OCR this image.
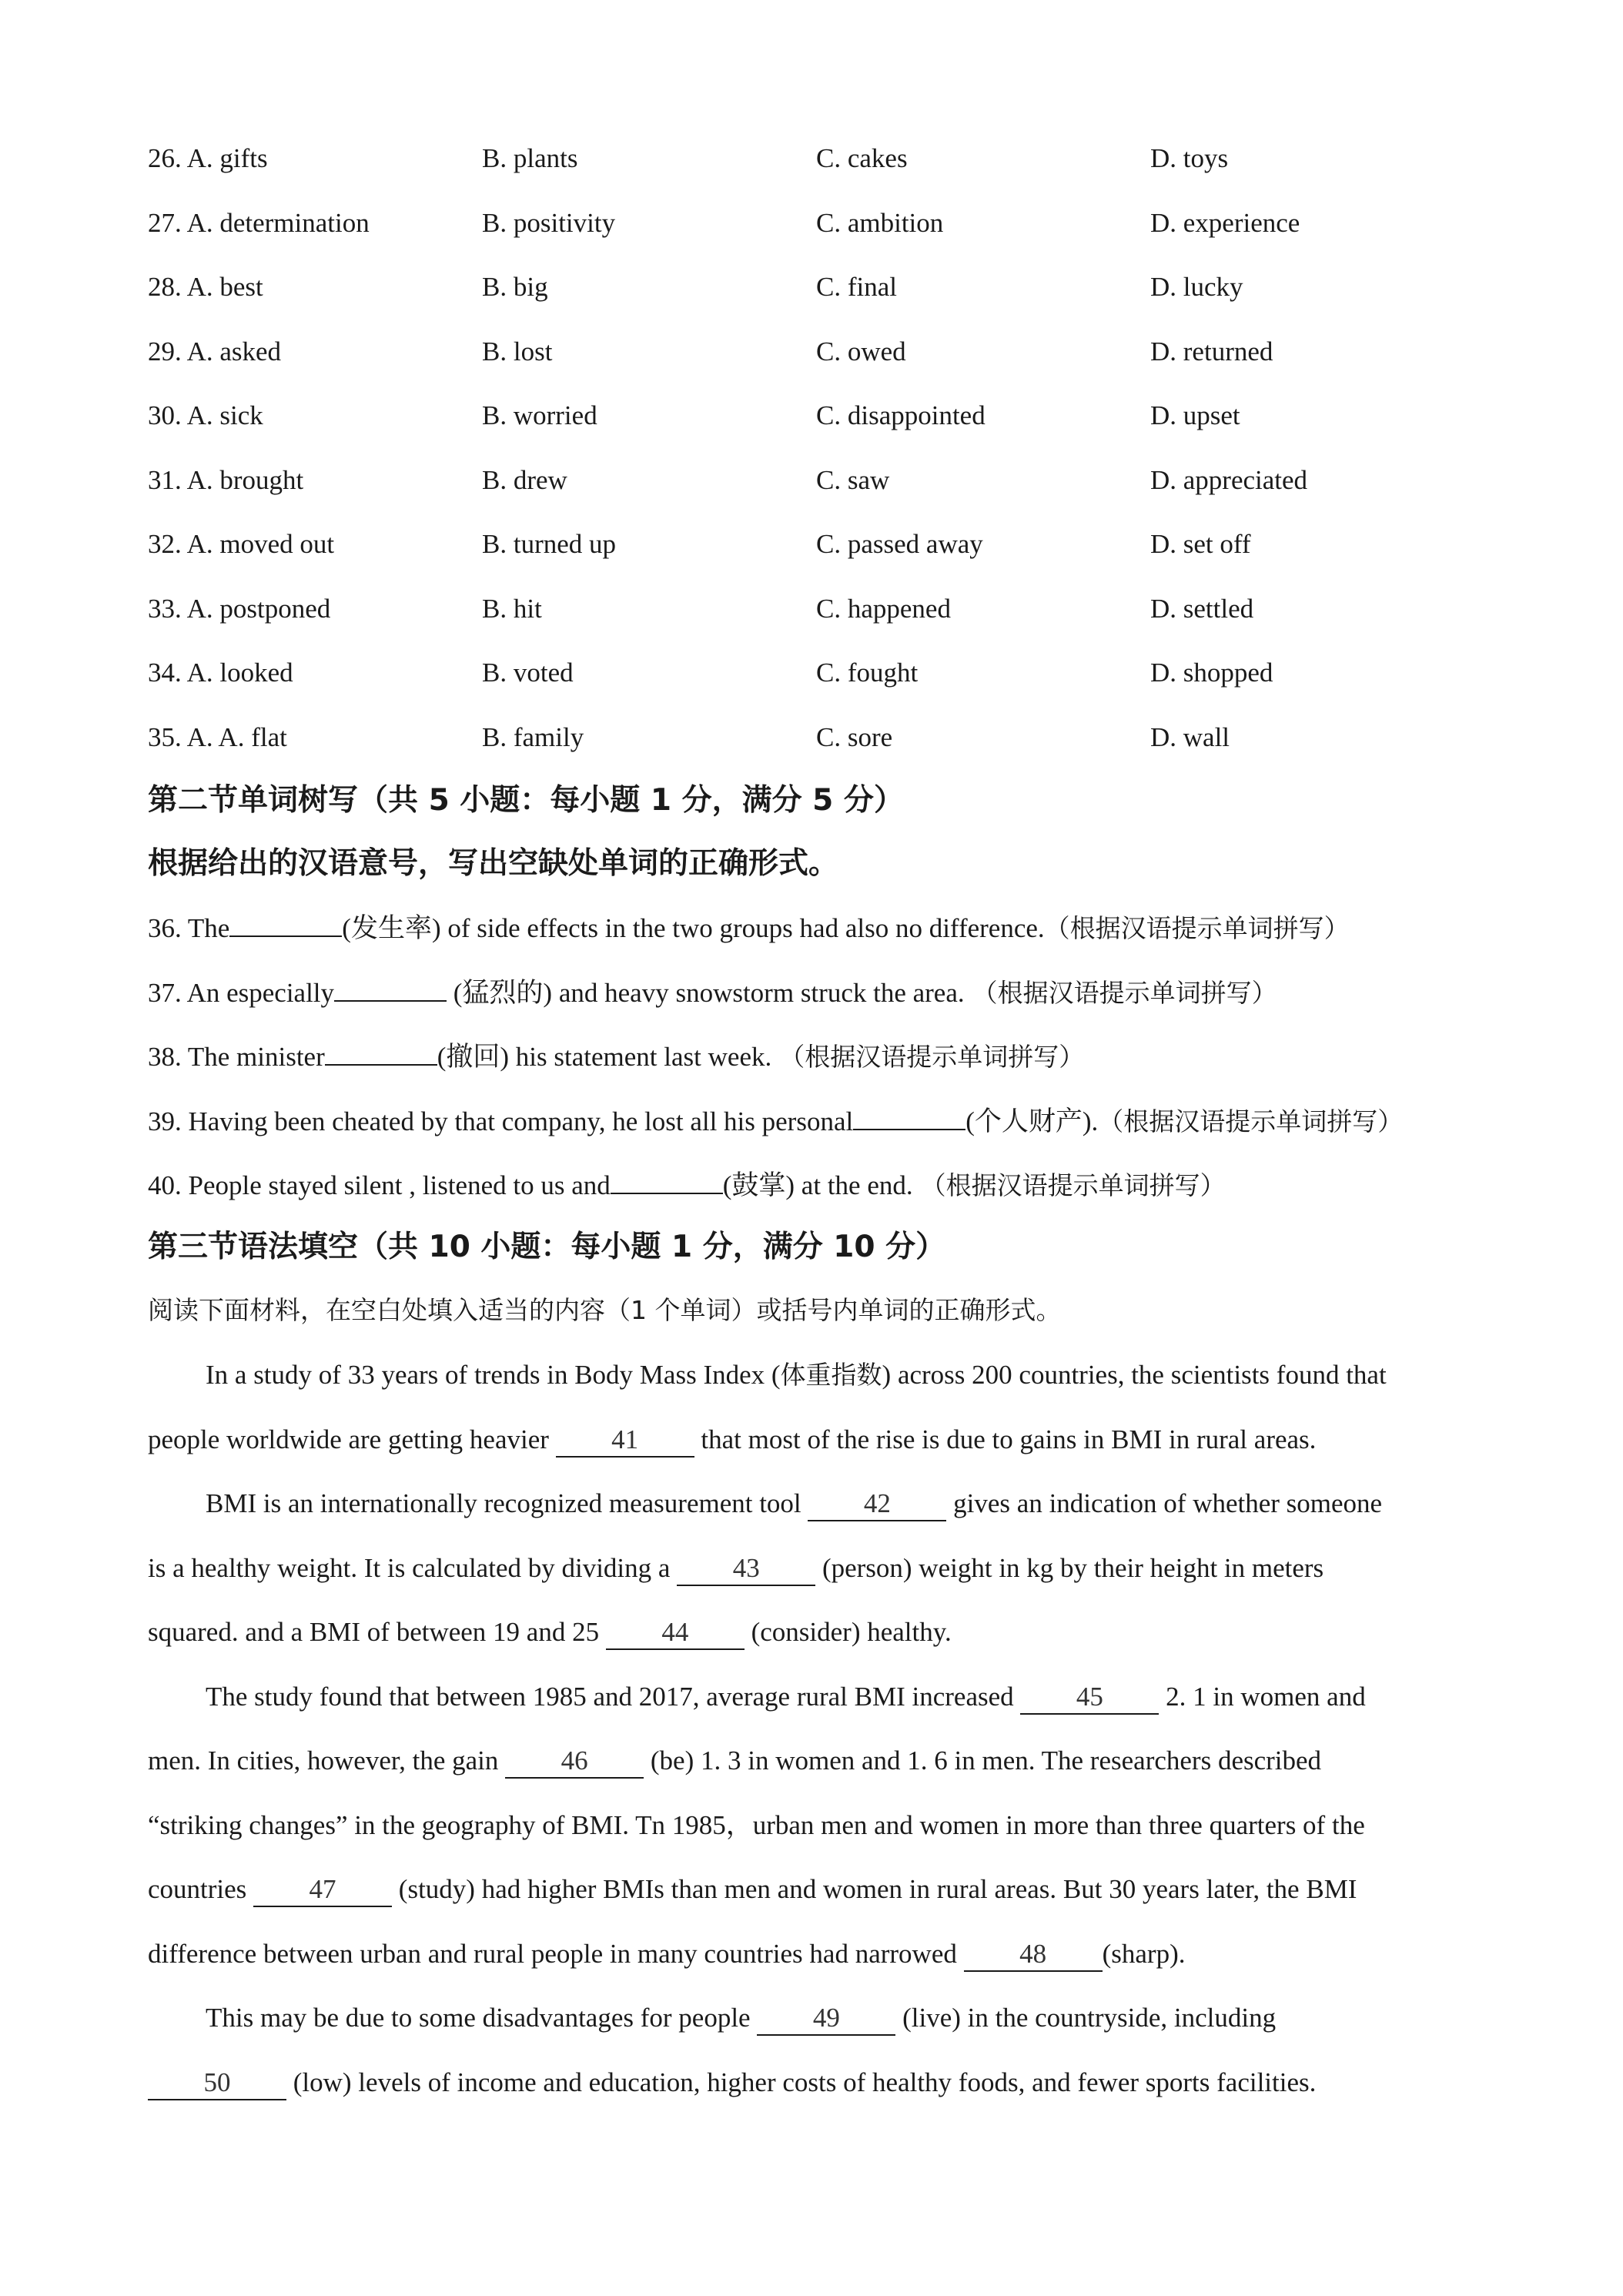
26. A. gifts	B. plants	C. cakes	D. toys
27. A. determination	B. positivity	C. ambition	D. experience
28. A. best	B. big	C. final	D. lucky
29. A. asked	B. lost	C. owed	D. returned
30. A. sick	B. worried	C. disappointed	D. upset
31. A. brought	B. drew	C. saw	D. appreciated
32. A. moved out	B. turned up	C. passed away	D. set off
33. A. postponed	B. hit	C. happened	D. settled
34. A. looked	B. voted	C. fought	D. shopped
35. A. A. flat	B. family	C. sore	D. wall
第二节单词树写（共 5 小题：每小题 1 分，满分 5 分）
根据给出的汉语意号，写出空缺处单词的正确形式。
36. The	(发生率) of side effects in the two groups had also no difference.（根据汉语提示单词拼写）
37. An especially	(猛烈的) and heavy snowstorm struck the area. （根据汉语提示单词拼写）
38. The minister	(撤回) his statement last week. （根据汉语提示单词拼写）
39. Having been cheated by that company, he lost all his personal	(个人财产).（根据汉语提示单词拼写）
40. People stayed silent , listened to us and	(鼓掌) at the end. （根据汉语提示单词拼写）
第三节语法填空（共 10 小题：每小题 1 分，满分 10 分）
阅读下面材料，在空白处填入适当的内容（1 个单词）或括号内单词的正确形式。
In a study of 33 years of trends in Body Mass Index (体重指数) across 200 countries, the scientists found that
people worldwide are getting heavier 41 that most of the rise is due to gains in BMI in rural areas.
BMI is an internationally recognized measurement tool 42 gives an indication of whether someone
is a healthy weight. It is calculated by dividing a 43 (person) weight in kg by their height in meters
squared. and a BMI of between 19 and 25 44 (consider) healthy.
The study found that between 1985 and 2017, average rural BMI increased 45 2. 1 in women and
men. In cities, however, the gain 46 (be) 1. 3 in women and 1. 6 in men. The researchers described
“striking changes” in the geography of BMI. Tn 1985，urban men and women in more than three quarters of the
countries 47 (study) had higher BMIs than men and women in rural areas. But 30 years later, the BMI
difference between urban and rural people in many countries had narrowed 48 (sharp).
This may be due to some disadvantages for people 49 (live) in the countryside, including
50 (low) levels of income and education, higher costs of healthy foods, and fewer sports facilities.
